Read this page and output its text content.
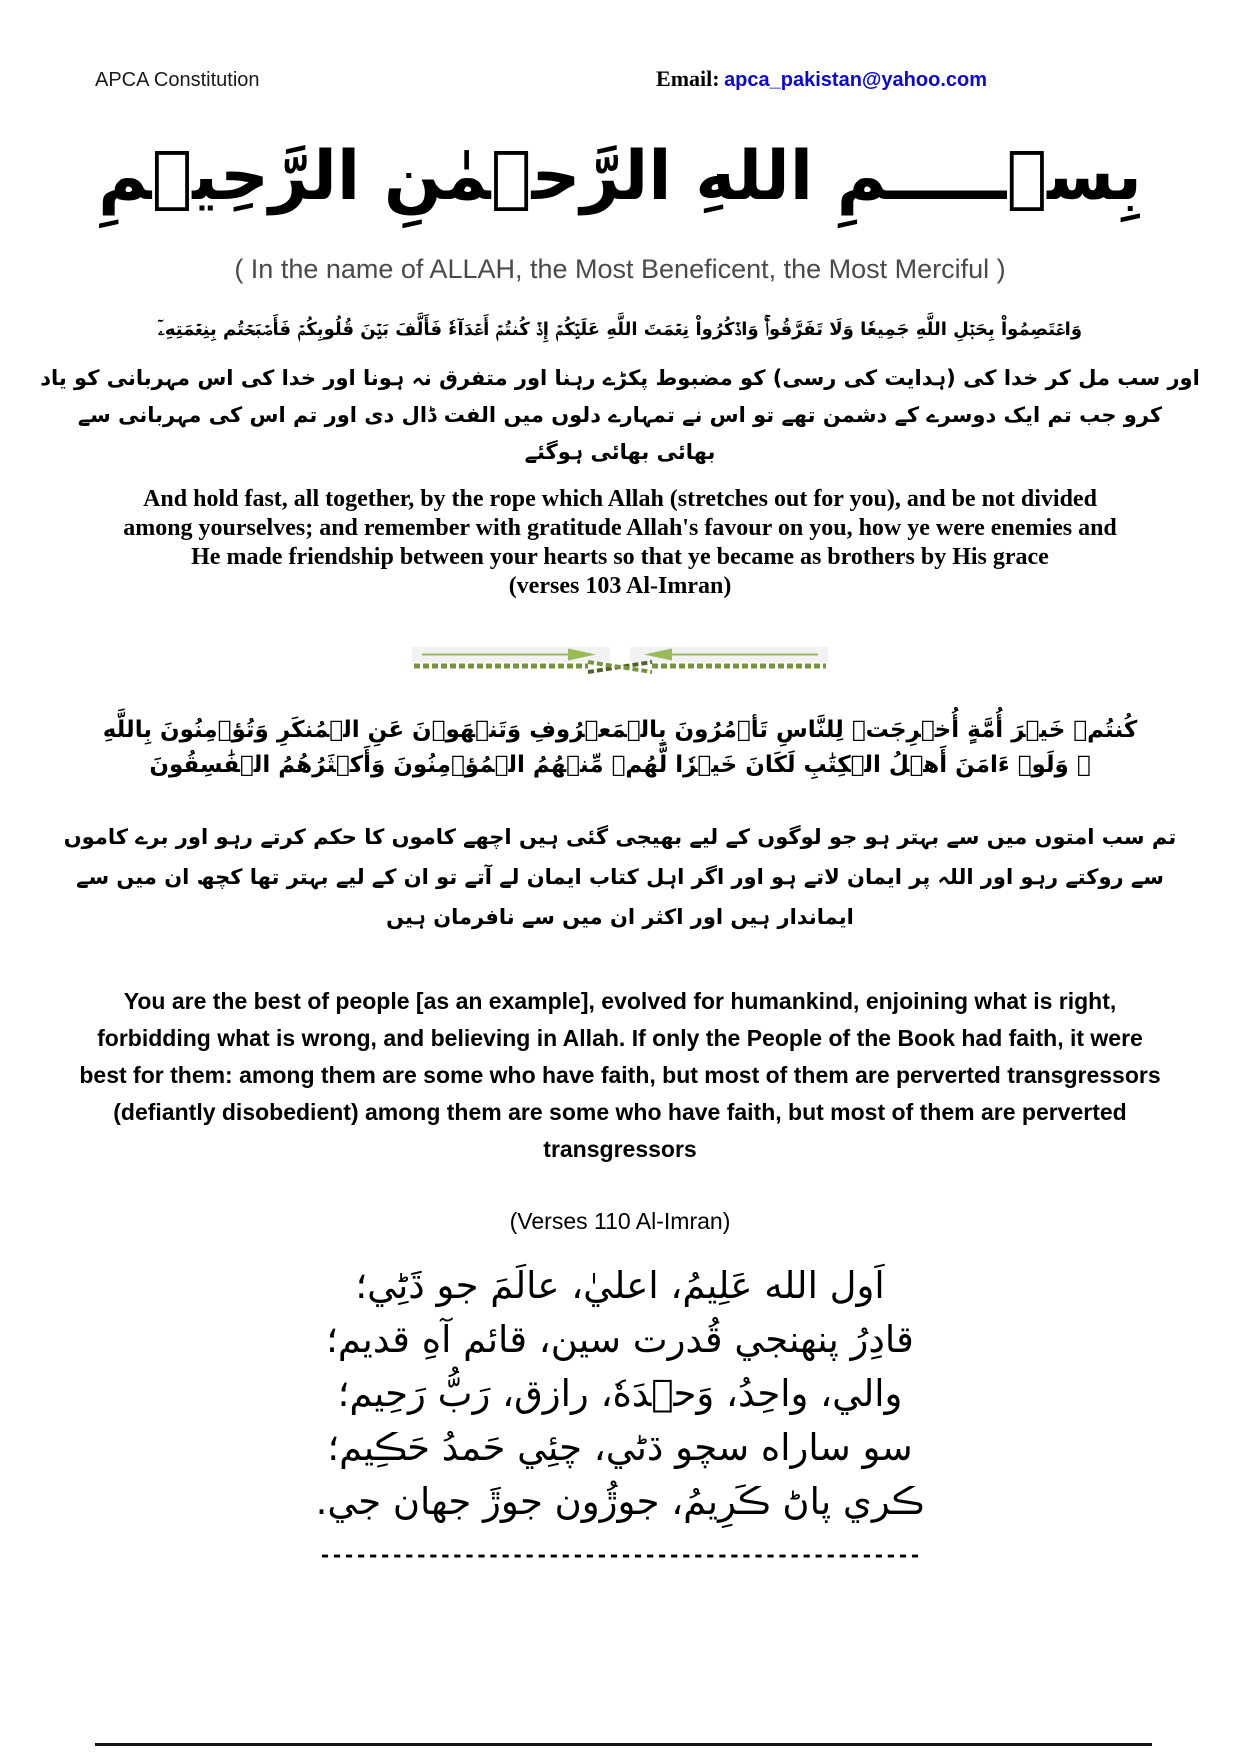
APCA Constitution	Email: apca_pakistan@yahoo.com
بِسۡـــــمِ اللهِ الرَّحۡمٰنِ الرَّحِيۡمِ
( In the name of ALLAH, the Most Beneficent, the Most Merciful )
وَاعۡتَصِمُواْ بِحَبۡلِ اللَّهِ جَمِيعٗا وَلَا تَفَرَّقُواْۚ وَاذۡكُرُواْ نِعۡمَتَ اللَّهِ عَلَيۡكُمۡ إِذۡ كُنتُمۡ أَعۡدَآءٗ فَأَلَّفَ بَيۡنَ قُلُوبِكُمۡ فَأَصۡبَحۡتُم بِنِعۡمَتِهِۦٓ
اور سب مل کر خدا کی (ہدایت کی رسی) کو مضبوط پکڑے رہنا اور متفرق نہ ہونا اور خدا کی اس مہربانی کو یاد
کرو جب تم ایک دوسرے کے دشمن تھے تو اس نے تمہارے دلوں میں الفت ڈال دی اور تم اس کی مہربانی سے
بھائی بھائی ہوگئے
And hold fast, all together, by the rope which Allah (stretches out for you), and be not divided among yourselves; and remember with gratitude Allah's favour on you, how ye were enemies and He made friendship between your hearts so that ye became as brothers by His grace
(verses 103 Al-Imran)
كُنتُمۡ خَيۡرَ أُمَّةٍ أُخۡرِجَتۡ لِلنَّاسِ تَأۡمُرُونَ بِالۡمَعۡرُوفِ وَتَنۡهَوۡنَ عَنِ الۡمُنكَرِ وَتُؤۡمِنُونَ بِاللَّهِ
ۗ وَلَوۡ ءَامَنَ أَهۡلُ الۡكِتَٰبِ لَكَانَ خَيۡرٗا لَّهُمۚ مِّنۡهُمُ الۡمُؤۡمِنُونَ وَأَكۡثَرُهُمُ الۡفَٰسِقُونَ
تم سب امتوں میں سے بہتر ہو جو لوگوں کے لیے بھیجی گئی ہیں اچھے کاموں کا حکم کرتے رہو اور برے کاموں
سے روکتے رہو اور اللہ پر ایمان لاتے ہو اور اگر اہل کتاب ایمان لے آتے تو ان کے لیے بہتر تھا کچھ ان میں سے
ایماندار ہیں اور اکثر ان میں سے نافرمان ہیں
You are the best of people [as an example], evolved for humankind, enjoining what is right, forbidding what is wrong, and believing in Allah. If only the People of the Book had faith, it were best for them: among them are some who have faith, but most of them are perverted transgressors (defiantly disobedient) among them are some who have faith, but most of them are perverted transgressors
(Verses 110 Al-Imran)
اَول الله عَلِيمُ، اعليٰ، عالَمَ جو ڌَڻِي؛
قادِرُ پنهنجي قُدرت سين، قائم آهِ قديم؛
والي، واحِدُ، وَحۡدَهٗ، رازق، رَبُّ رَحِيم؛
سو ساراه سچو ڌڻي، چئِي حَمدُ حَڪِيم؛
ڪري پاڻ ڪَرِيمُ، جوڙُون جوڙَ جهان جي.
--------------------------------------------------
